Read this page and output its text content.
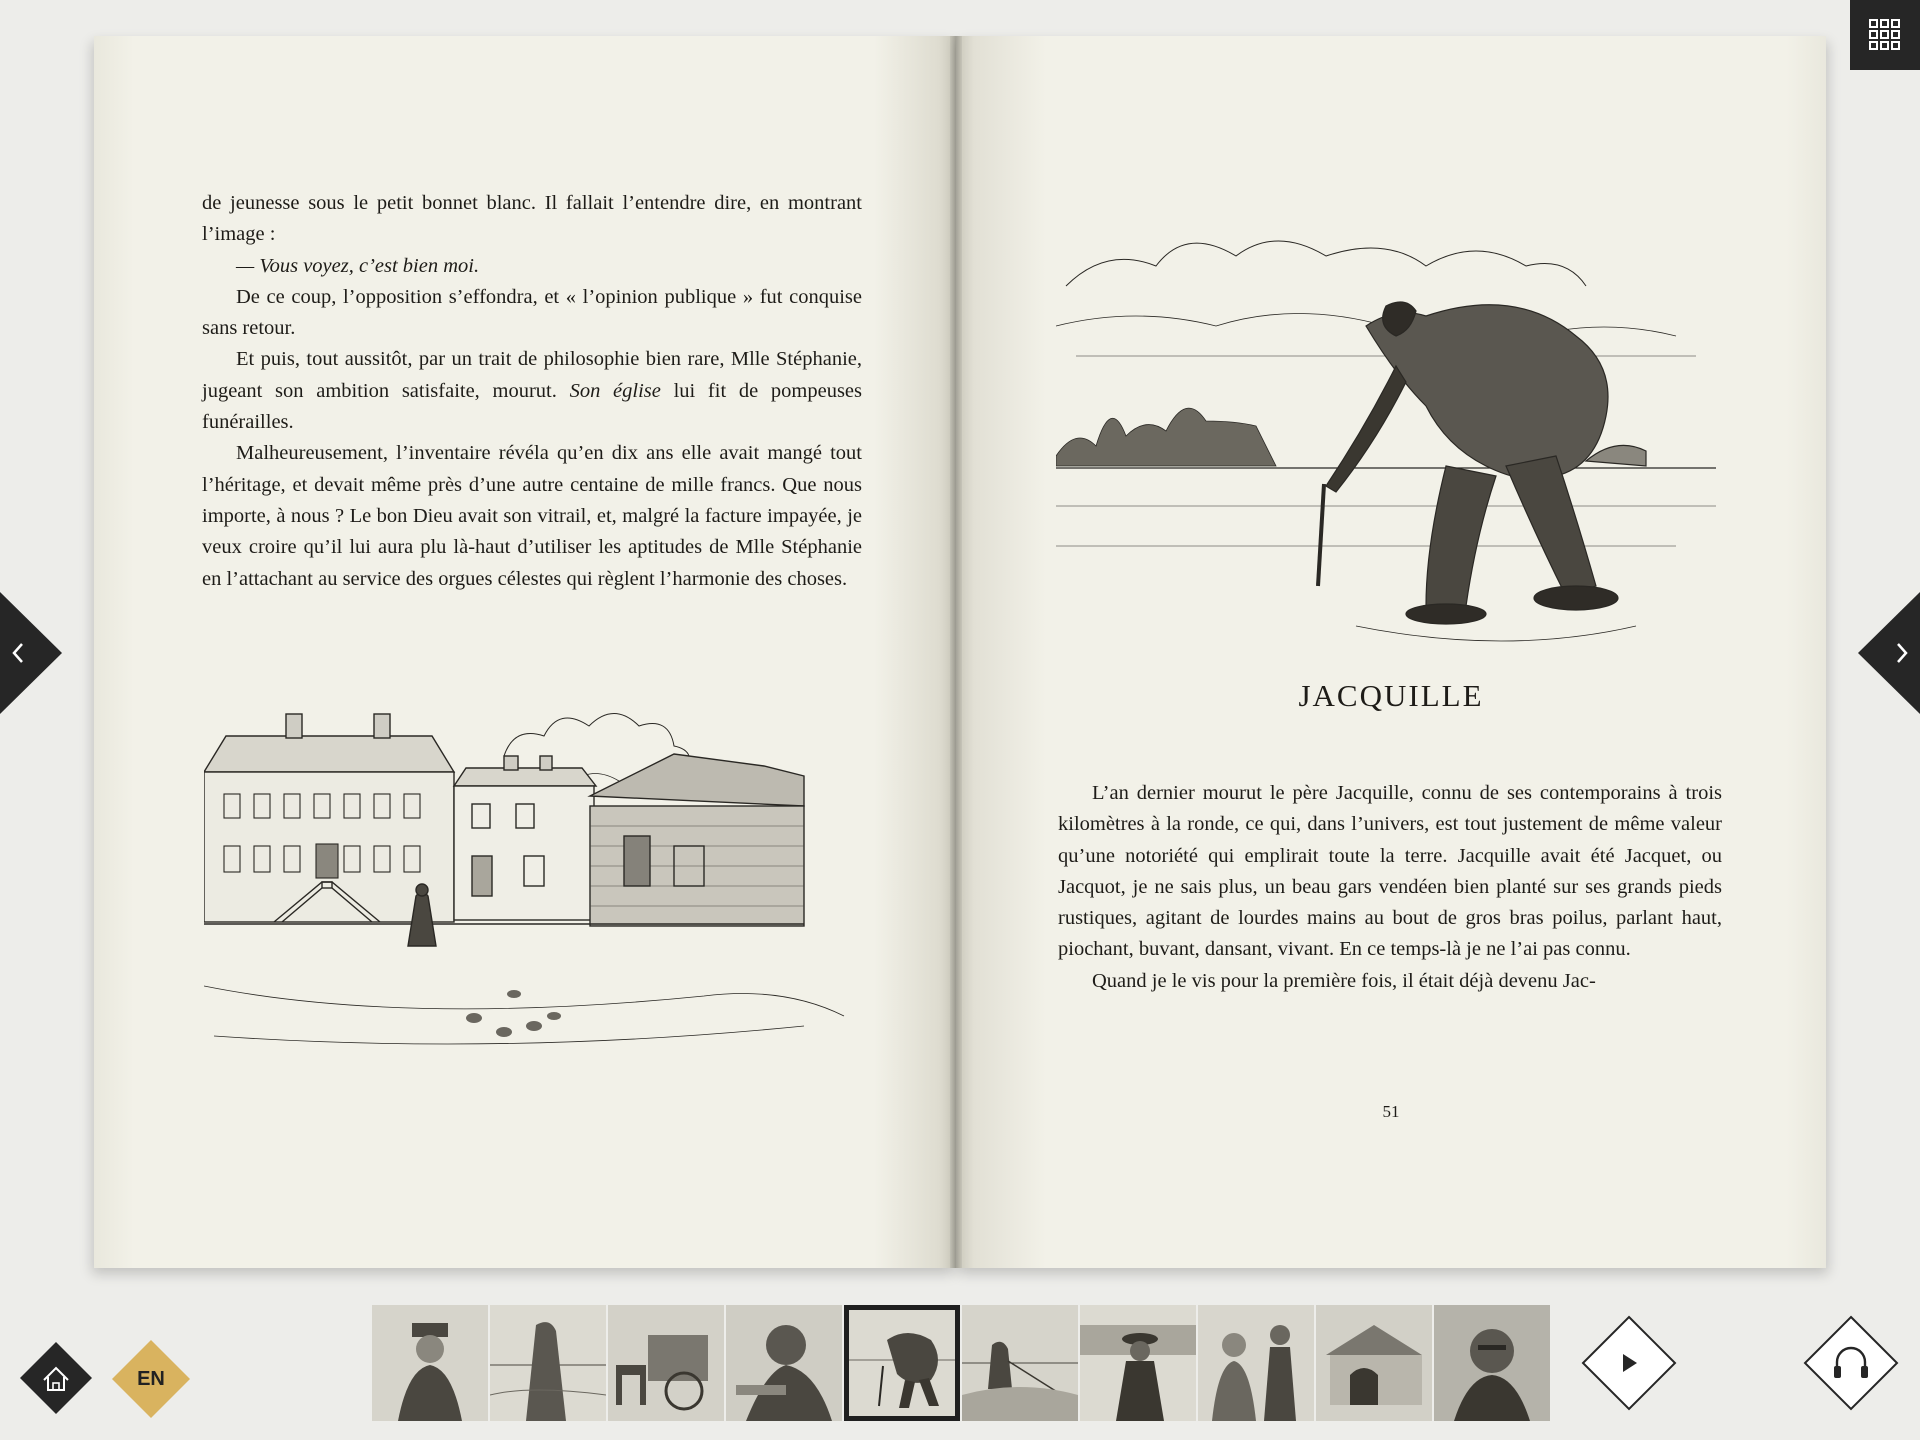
de jeunesse sous le petit bonnet blanc. Il fallait l’entendre dire, en montrant l’image :

— Vous voyez, c’est bien moi.

De ce coup, l’opposition s’effondra, et « l’opinion publique » fut conquise sans retour.

Et puis, tout aussitôt, par un trait de philosophie bien rare, Mlle Stéphanie, jugeant son ambition satisfaite, mourut. Son église lui fit de pompeuses funérailles.

Malheureusement, l’inventaire révéla qu’en dix ans elle avait mangé tout l’héritage, et devait même près d’une autre centaine de mille francs. Que nous importe, à nous ? Le bon Dieu avait son vitrail, et, malgré la facture impayée, je veux croire qu’il lui aura plu là-haut d’utiliser les aptitudes de Mlle Stéphanie en l’attachant au service des orgues célestes qui règlent l’harmonie des choses.

JACQUILLE

L’an dernier mourut le père Jacquille, connu de ses contemporains à trois kilomètres à la ronde, ce qui, dans l’univers, est tout justement de même valeur qu’une notoriété qui emplirait toute la terre. Jacquille avait été Jacquet, ou Jacquot, je ne sais plus, un beau gars vendéen bien planté sur ses grands pieds rustiques, agitant de lourdes mains au bout de gros bras poilus, parlant haut, piochant, buvant, dansant, vivant. En ce temps-là je ne l’ai pas connu.

Quand je le vis pour la première fois, il était déjà devenu Jac-

51
EN
